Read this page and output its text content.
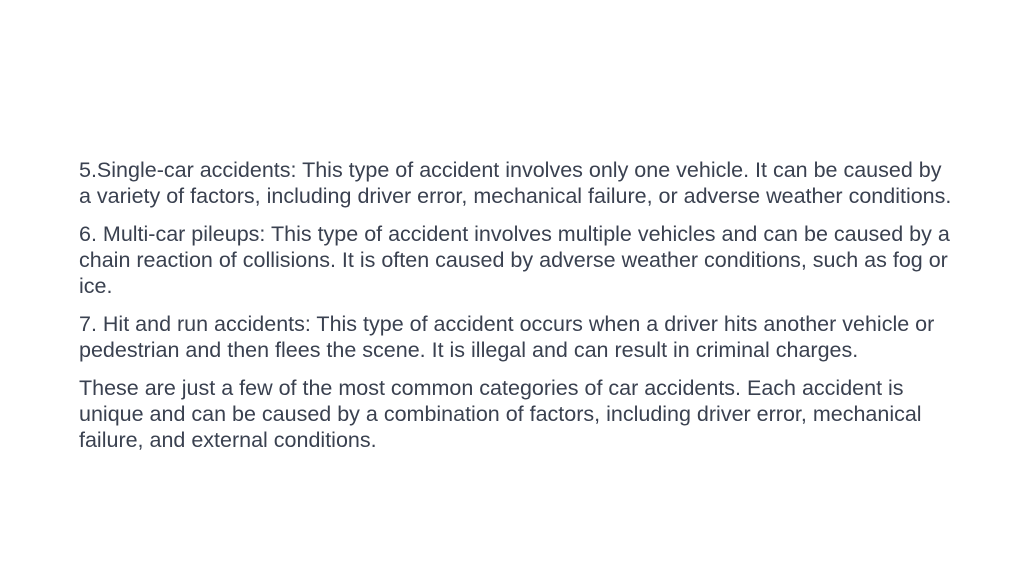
5.Single-car accidents: This type of accident involves only one vehicle. It can be caused by a variety of factors, including driver error, mechanical failure, or adverse weather conditions.

6. Multi-car pileups: This type of accident involves multiple vehicles and can be caused by a chain reaction of collisions. It is often caused by adverse weather conditions, such as fog or ice.

7. Hit and run accidents: This type of accident occurs when a driver hits another vehicle or pedestrian and then flees the scene. It is illegal and can result in criminal charges.

These are just a few of the most common categories of car accidents. Each accident is unique and can be caused by a combination of factors, including driver error, mechanical failure, and external conditions.
